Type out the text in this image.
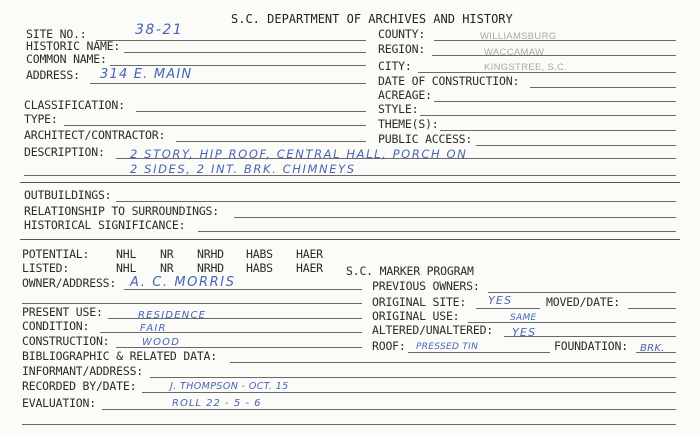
S.C. DEPARTMENT OF ARCHIVES AND HISTORY
SITE NO.:	38-21
HISTORIC NAME:
COMMON NAME:
ADDRESS: 314 E. MAIN
CLASSIFICATION:
TYPE:
ARCHITECT/CONTRACTOR:
DESCRIPTION: 2 STORY, HIP ROOF, CENTRAL HALL, PORCH ON
2 SIDES, 2 INT. BRK. CHIMNEYS
COUNTY:	WILLIAMSBURG
REGION:	WACCAMAW
CITY:	KINGSTREE, S.C.
DATE OF CONSTRUCTION:
ACREAGE:
STYLE:
THEME(S):
PUBLIC ACCESS:
OUTBUILDINGS:
RELATIONSHIP TO SURROUNDINGS:
HISTORICAL SIGNIFICANCE:
POTENTIAL: NHL NR NRHD HABS HAER
LISTED:	NHL NR NRHD HABS HAER S.C. MARKER PROGRAM
OWNER/ADDRESS: A. C. MORRIS	PREVIOUS OWNERS:
ORIGINAL SITE: YES	MOVED/DATE:
PRESENT USE:	RESIDENCE	ORIGINAL USE:	SAME
CONDITION:	FAIR	ALTERED/UNALTERED: YES
CONSTRUCTION:	WOOD	ROOF: PRESSED TIN	FOUNDATION: BRK.
BIBLIOGRAPHIC & RELATED DATA:
INFORMANT/ADDRESS:
RECORDED BY/DATE:	J. THOMPSON - OCT. 15
EVALUATION:	ROLL 22 - 5 - 6
